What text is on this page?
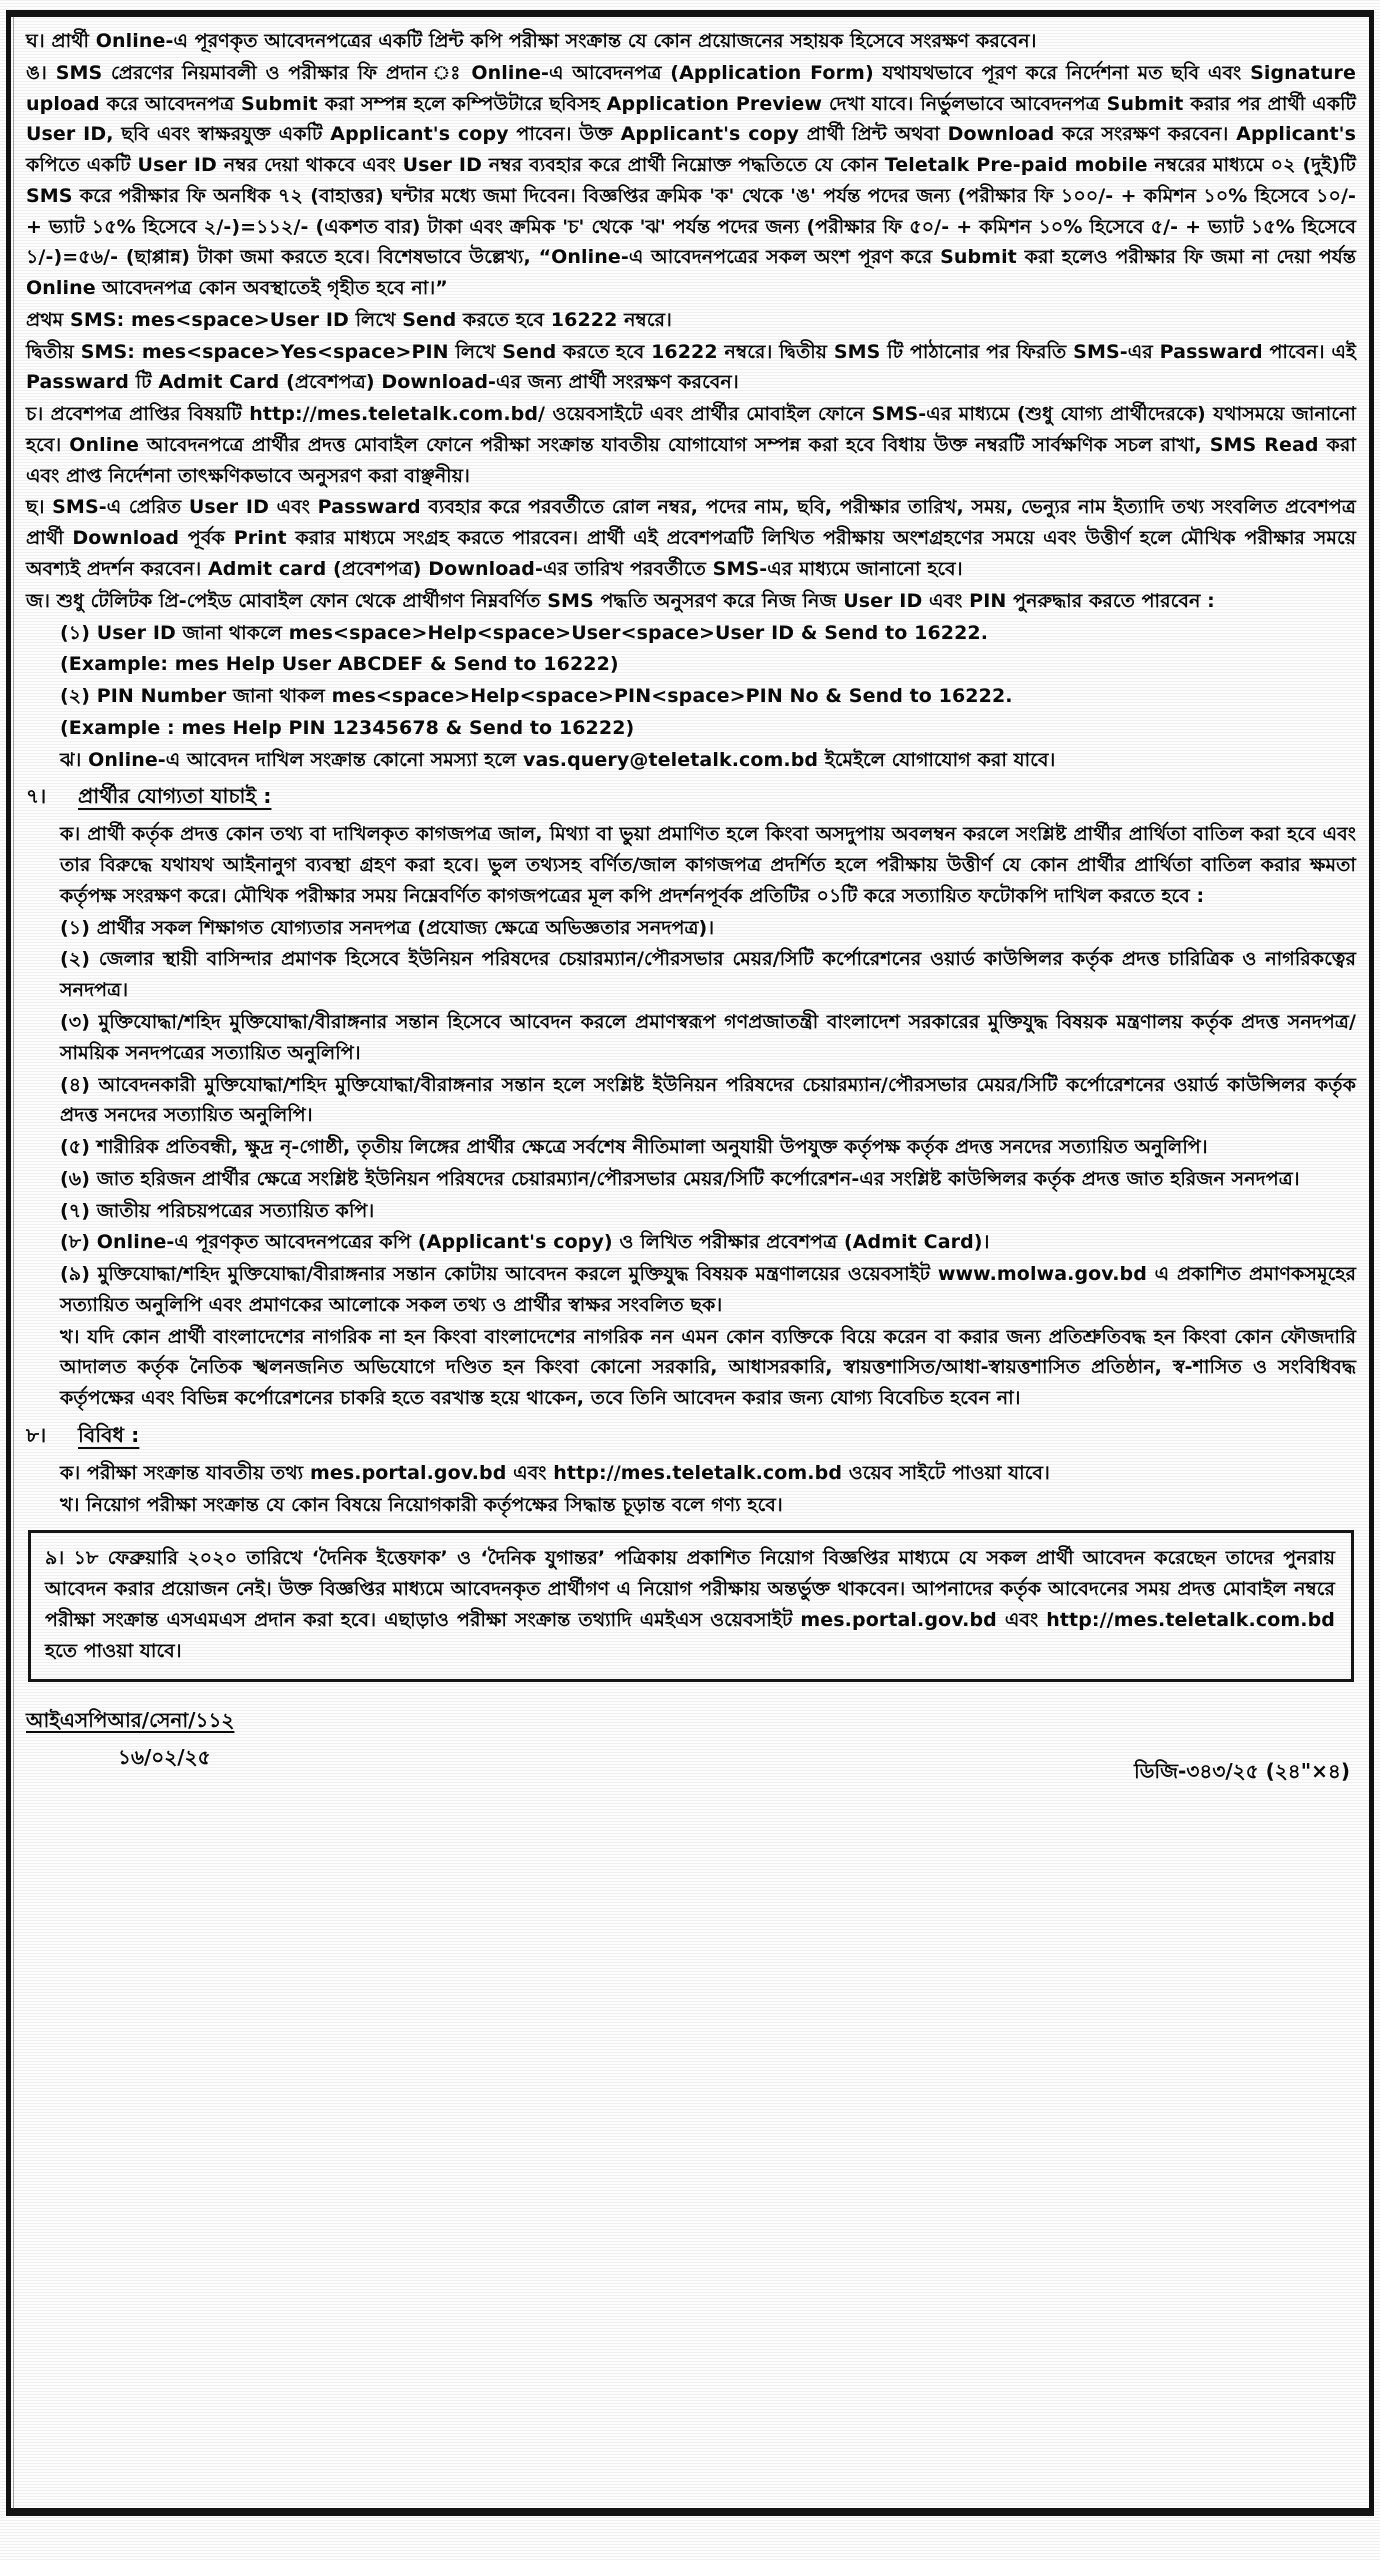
ঘ। প্রার্থী Online-এ পূরণকৃত আবেদনপত্রের একটি প্রিন্ট কপি পরীক্ষা সংক্রান্ত যে কোন প্রয়োজনের সহায়ক হিসেবে সংরক্ষণ করবেন।

ঙ। SMS প্রেরণের নিয়মাবলী ও পরীক্ষার ফি প্রদান ঃ Online-এ আবেদনপত্র (Application Form) যথাযথভাবে পূরণ করে নির্দেশনা মত ছবি এবং Signature upload করে আবেদনপত্র Submit করা সম্পন্ন হলে কম্পিউটারে ছবিসহ Application Preview দেখা যাবে। নির্ভুলভাবে আবেদনপত্র Submit করার পর প্রার্থী একটি User ID, ছবি এবং স্বাক্ষরযুক্ত একটি Applicant's copy পাবেন। উক্ত Applicant's copy প্রার্থী প্রিন্ট অথবা Download করে সংরক্ষণ করবেন। Applicant's কপিতে একটি User ID নম্বর দেয়া থাকবে এবং User ID নম্বর ব্যবহার করে প্রার্থী নিম্নোক্ত পদ্ধতিতে যে কোন Teletalk Pre-paid mobile নম্বরের মাধ্যমে ০২ (দুই)টি SMS করে পরীক্ষার ফি অনধিক ৭২ (বাহাত্তর) ঘন্টার মধ্যে জমা দিবেন। বিজ্ঞপ্তির ক্রমিক 'ক' থেকে 'ঙ' পর্যন্ত পদের জন্য (পরীক্ষার ফি ১০০/- + কমিশন ১০% হিসেবে ১০/- + ভ্যাট ১৫% হিসেবে ২/-)=১১২/- (একশত বার) টাকা এবং ক্রমিক 'চ' থেকে 'ঝ' পর্যন্ত পদের জন্য (পরীক্ষার ফি ৫০/- + কমিশন ১০% হিসেবে ৫/- + ভ্যাট ১৫% হিসেবে ১/-)=৫৬/- (ছাপ্পান্ন) টাকা জমা করতে হবে। বিশেষভাবে উল্লেখ্য, “Online-এ আবেদনপত্রের সকল অংশ পূরণ করে Submit করা হলেও পরীক্ষার ফি জমা না দেয়া পর্যন্ত Online আবেদনপত্র কোন অবস্থাতেই গৃহীত হবে না।”

প্রথম SMS: mes<space>User ID লিখে Send করতে হবে 16222 নম্বরে।

দ্বিতীয় SMS: mes<space>Yes<space>PIN লিখে Send করতে হবে 16222 নম্বরে। দ্বিতীয় SMS টি পাঠানোর পর ফিরতি SMS-এর Passward পাবেন। এই Passward টি Admit Card (প্রবেশপত্র) Download-এর জন্য প্রার্থী সংরক্ষণ করবেন।

চ। প্রবেশপত্র প্রাপ্তির বিষয়টি http://mes.teletalk.com.bd/ ওয়েবসাইটে এবং প্রার্থীর মোবাইল ফোনে SMS-এর মাধ্যমে (শুধু যোগ্য প্রার্থীদেরকে) যথাসময়ে জানানো হবে। Online আবেদনপত্রে প্রার্থীর প্রদত্ত মোবাইল ফোনে পরীক্ষা সংক্রান্ত যাবতীয় যোগাযোগ সম্পন্ন করা হবে বিধায় উক্ত নম্বরটি সার্বক্ষণিক সচল রাখা, SMS Read করা এবং প্রাপ্ত নির্দেশনা তাৎক্ষণিকভাবে অনুসরণ করা বাঞ্ছনীয়।

ছ। SMS-এ প্রেরিত User ID এবং Passward ব্যবহার করে পরবর্তীতে রোল নম্বর, পদের নাম, ছবি, পরীক্ষার তারিখ, সময়, ভেন্যুর নাম ইত্যাদি তথ্য সংবলিত প্রবেশপত্র প্রার্থী Download পূর্বক Print করার মাধ্যমে সংগ্রহ করতে পারবেন। প্রার্থী এই প্রবেশপত্রটি লিখিত পরীক্ষায় অংশগ্রহণের সময়ে এবং উত্তীর্ণ হলে মৌখিক পরীক্ষার সময়ে অবশ্যই প্রদর্শন করবেন। Admit card (প্রবেশপত্র) Download-এর তারিখ পরবর্তীতে SMS-এর মাধ্যমে জানানো হবে।

জ। শুধু টেলিটক প্রি-পেইড মোবাইল ফোন থেকে প্রার্থীগণ নিম্নবর্ণিত SMS পদ্ধতি অনুসরণ করে নিজ নিজ User ID এবং PIN পুনরুদ্ধার করতে পারবেন :

(১) User ID জানা থাকলে mes<space>Help<space>User<space>User ID & Send to 16222.

(Example: mes Help User ABCDEF & Send to 16222)

(২) PIN Number জানা থাকল mes<space>Help<space>PIN<space>PIN No & Send to 16222.

(Example : mes Help PIN 12345678 & Send to 16222)

ঝ। Online-এ আবেদন দাখিল সংক্রান্ত কোনো সমস্যা হলে vas.query@teletalk.com.bd ইমেইলে যোগাযোগ করা যাবে।

৭।	প্রার্থীর যোগ্যতা যাচাই :

ক। প্রার্থী কর্তৃক প্রদত্ত কোন তথ্য বা দাখিলকৃত কাগজপত্র জাল, মিথ্যা বা ভুয়া প্রমাণিত হলে কিংবা অসদুপায় অবলম্বন করলে সংশ্লিষ্ট প্রার্থীর প্রার্থিতা বাতিল করা হবে এবং তার বিরুদ্ধে যথাযথ আইনানুগ ব্যবস্থা গ্রহণ করা হবে। ভুল তথ্যসহ বর্ণিত/জাল কাগজপত্র প্রদর্শিত হলে পরীক্ষায় উত্তীর্ণ যে কোন প্রার্থীর প্রার্থিতা বাতিল করার ক্ষমতা কর্তৃপক্ষ সংরক্ষণ করে। মৌখিক পরীক্ষার সময় নিম্নেবর্ণিত কাগজপত্রের মূল কপি প্রদর্শনপূর্বক প্রতিটির ০১টি করে সত্যায়িত ফটোকপি দাখিল করতে হবে :

(১) প্রার্থীর সকল শিক্ষাগত যোগ্যতার সনদপত্র (প্রযোজ্য ক্ষেত্রে অভিজ্ঞতার সনদপত্র)।

(২) জেলার স্থায়ী বাসিন্দার প্রমাণক হিসেবে ইউনিয়ন পরিষদের চেয়ারম্যান/পৌরসভার মেয়র/সিটি কর্পোরেশনের ওয়ার্ড কাউন্সিলর কর্তৃক প্রদত্ত চারিত্রিক ও নাগরিকত্বের সনদপত্র।

(৩) মুক্তিযোদ্ধা/শহিদ মুক্তিযোদ্ধা/বীরাঙ্গনার সন্তান হিসেবে আবেদন করলে প্রমাণস্বরূপ গণপ্রজাতন্ত্রী বাংলাদেশ সরকারের মুক্তিযুদ্ধ বিষয়ক মন্ত্রণালয় কর্তৃক প্রদত্ত সনদপত্র/সাময়িক সনদপত্রের সত্যায়িত অনুলিপি।

(৪) আবেদনকারী মুক্তিযোদ্ধা/শহিদ মুক্তিযোদ্ধা/বীরাঙ্গনার সন্তান হলে সংশ্লিষ্ট ইউনিয়ন পরিষদের চেয়ারম্যান/পৌরসভার মেয়র/সিটি কর্পোরেশনের ওয়ার্ড কাউন্সিলর কর্তৃক প্রদত্ত সনদের সত্যায়িত অনুলিপি।

(৫) শারীরিক প্রতিবন্ধী, ক্ষুদ্র নৃ-গোষ্ঠী, তৃতীয় লিঙ্গের প্রার্থীর ক্ষেত্রে সর্বশেষ নীতিমালা অনুযায়ী উপযুক্ত কর্তৃপক্ষ কর্তৃক প্রদত্ত সনদের সত্যায়িত অনুলিপি।

(৬) জাত হরিজন প্রার্থীর ক্ষেত্রে সংশ্লিষ্ট ইউনিয়ন পরিষদের চেয়ারম্যান/পৌরসভার মেয়র/সিটি কর্পোরেশন-এর সংশ্লিষ্ট কাউন্সিলর কর্তৃক প্রদত্ত জাত হরিজন সনদপত্র।

(৭) জাতীয় পরিচয়পত্রের সত্যায়িত কপি।

(৮) Online-এ পূরণকৃত আবেদনপত্রের কপি (Applicant's copy) ও লিখিত পরীক্ষার প্রবেশপত্র (Admit Card)।

(৯) মুক্তিযোদ্ধা/শহিদ মুক্তিযোদ্ধা/বীরাঙ্গনার সন্তান কোটায় আবেদন করলে মুক্তিযুদ্ধ বিষয়ক মন্ত্রণালয়ের ওয়েবসাইট www.molwa.gov.bd এ প্রকাশিত প্রমাণকসমূহের সত্যায়িত অনুলিপি এবং প্রমাণকের আলোকে সকল তথ্য ও প্রার্থীর স্বাক্ষর সংবলিত ছক।

খ। যদি কোন প্রার্থী বাংলাদেশের নাগরিক না হন কিংবা বাংলাদেশের নাগরিক নন এমন কোন ব্যক্তিকে বিয়ে করেন বা করার জন্য প্রতিশ্রুতিবদ্ধ হন কিংবা কোন ফৌজদারি আদালত কর্তৃক নৈতিক স্খলনজনিত অভিযোগে দণ্ডিত হন কিংবা কোনো সরকারি, আধাসরকারি, স্বায়ত্তশাসিত/আধা-স্বায়ত্তশাসিত প্রতিষ্ঠান, স্ব-শাসিত ও সংবিধিবদ্ধ কর্তৃপক্ষের এবং বিভিন্ন কর্পোরেশনের চাকরি হতে বরখাস্ত হয়ে থাকেন, তবে তিনি আবেদন করার জন্য যোগ্য বিবেচিত হবেন না।

৮।	বিবিধ :

ক। পরীক্ষা সংক্রান্ত যাবতীয় তথ্য mes.portal.gov.bd এবং http://mes.teletalk.com.bd ওয়েব সাইটে পাওয়া যাবে।

খ। নিয়োগ পরীক্ষা সংক্রান্ত যে কোন বিষয়ে নিয়োগকারী কর্তৃপক্ষের সিদ্ধান্ত চূড়ান্ত বলে গণ্য হবে।

৯। ১৮ ফেব্রুয়ারি ২০২০ তারিখে ‘দৈনিক ইত্তেফাক’ ও ‘দৈনিক যুগান্তর’ পত্রিকায় প্রকাশিত নিয়োগ বিজ্ঞপ্তির মাধ্যমে যে সকল প্রার্থী আবেদন করেছেন তাদের পুনরায় আবেদন করার প্রয়োজন নেই। উক্ত বিজ্ঞপ্তির মাধ্যমে আবেদনকৃত প্রার্থীগণ এ নিয়োগ পরীক্ষায় অন্তর্ভুক্ত থাকবেন। আপনাদের কর্তৃক আবেদনের সময় প্রদত্ত মোবাইল নম্বরে পরীক্ষা সংক্রান্ত এসএমএস প্রদান করা হবে। এছাড়াও পরীক্ষা সংক্রান্ত তথ্যাদি এমইএস ওয়েবসাইট mes.portal.gov.bd এবং http://mes.teletalk.com.bd হতে পাওয়া যাবে।

আইএসপিআর/সেনা/১১২
১৬/০২/২৫
ডিজি-৩৪৩/২৫ (২৪"×৪)
